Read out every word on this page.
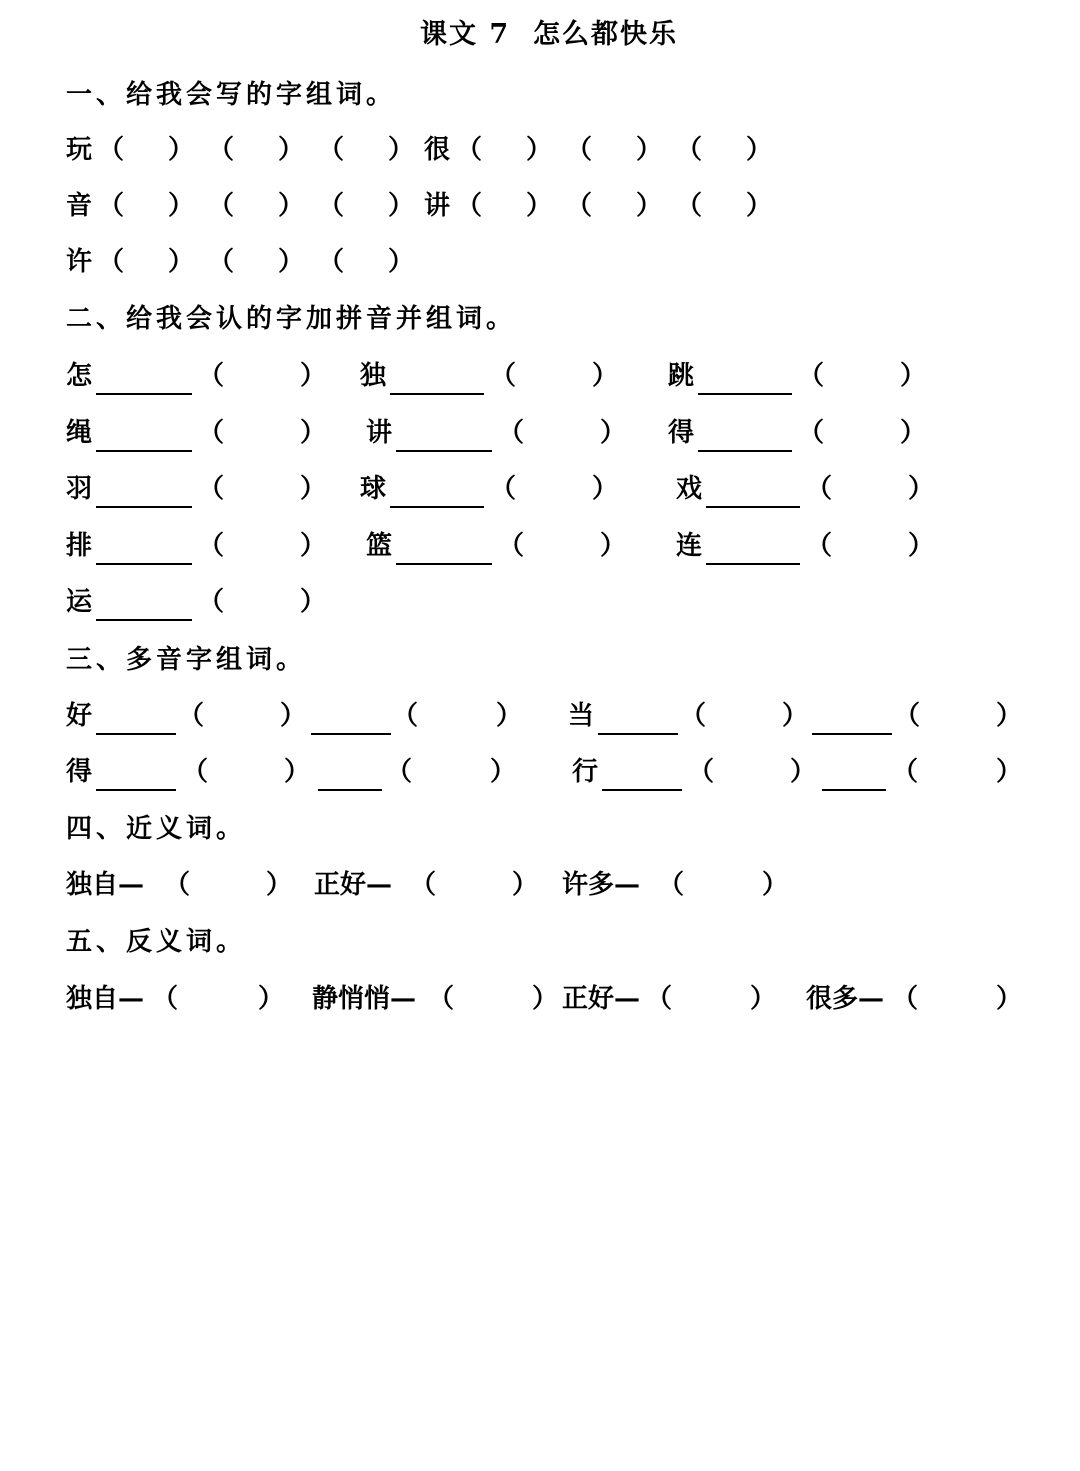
课文 7  怎么都快乐
一、给我会写的字组词。
玩 （ ） （ ） （ ） 很 （ ） （ ） （ ）
音 （ ） （ ） （ ） 讲 （ ） （ ） （ ）
许 （ ） （ ） （ ）
二、给我会认的字加拼音并组词。
怎	（	） 独	（	） 跳	（	）
绳	（	） 讲	（	） 得	（	）
羽	（	） 球	（	） 戏	（	）
排	（	） 篮	（	） 连	（	）
运	（	）
三、多音字组词。
好	（	）	（	） 当	（	）	（	）
得	（	）	（	） 行	（	）	（	）
四、近义词。
独自— （	） 正好— （	） 许多— （	）
五、反义词。
独自— （	） 静悄悄— （	） 正好— （	） 很多— （	）
